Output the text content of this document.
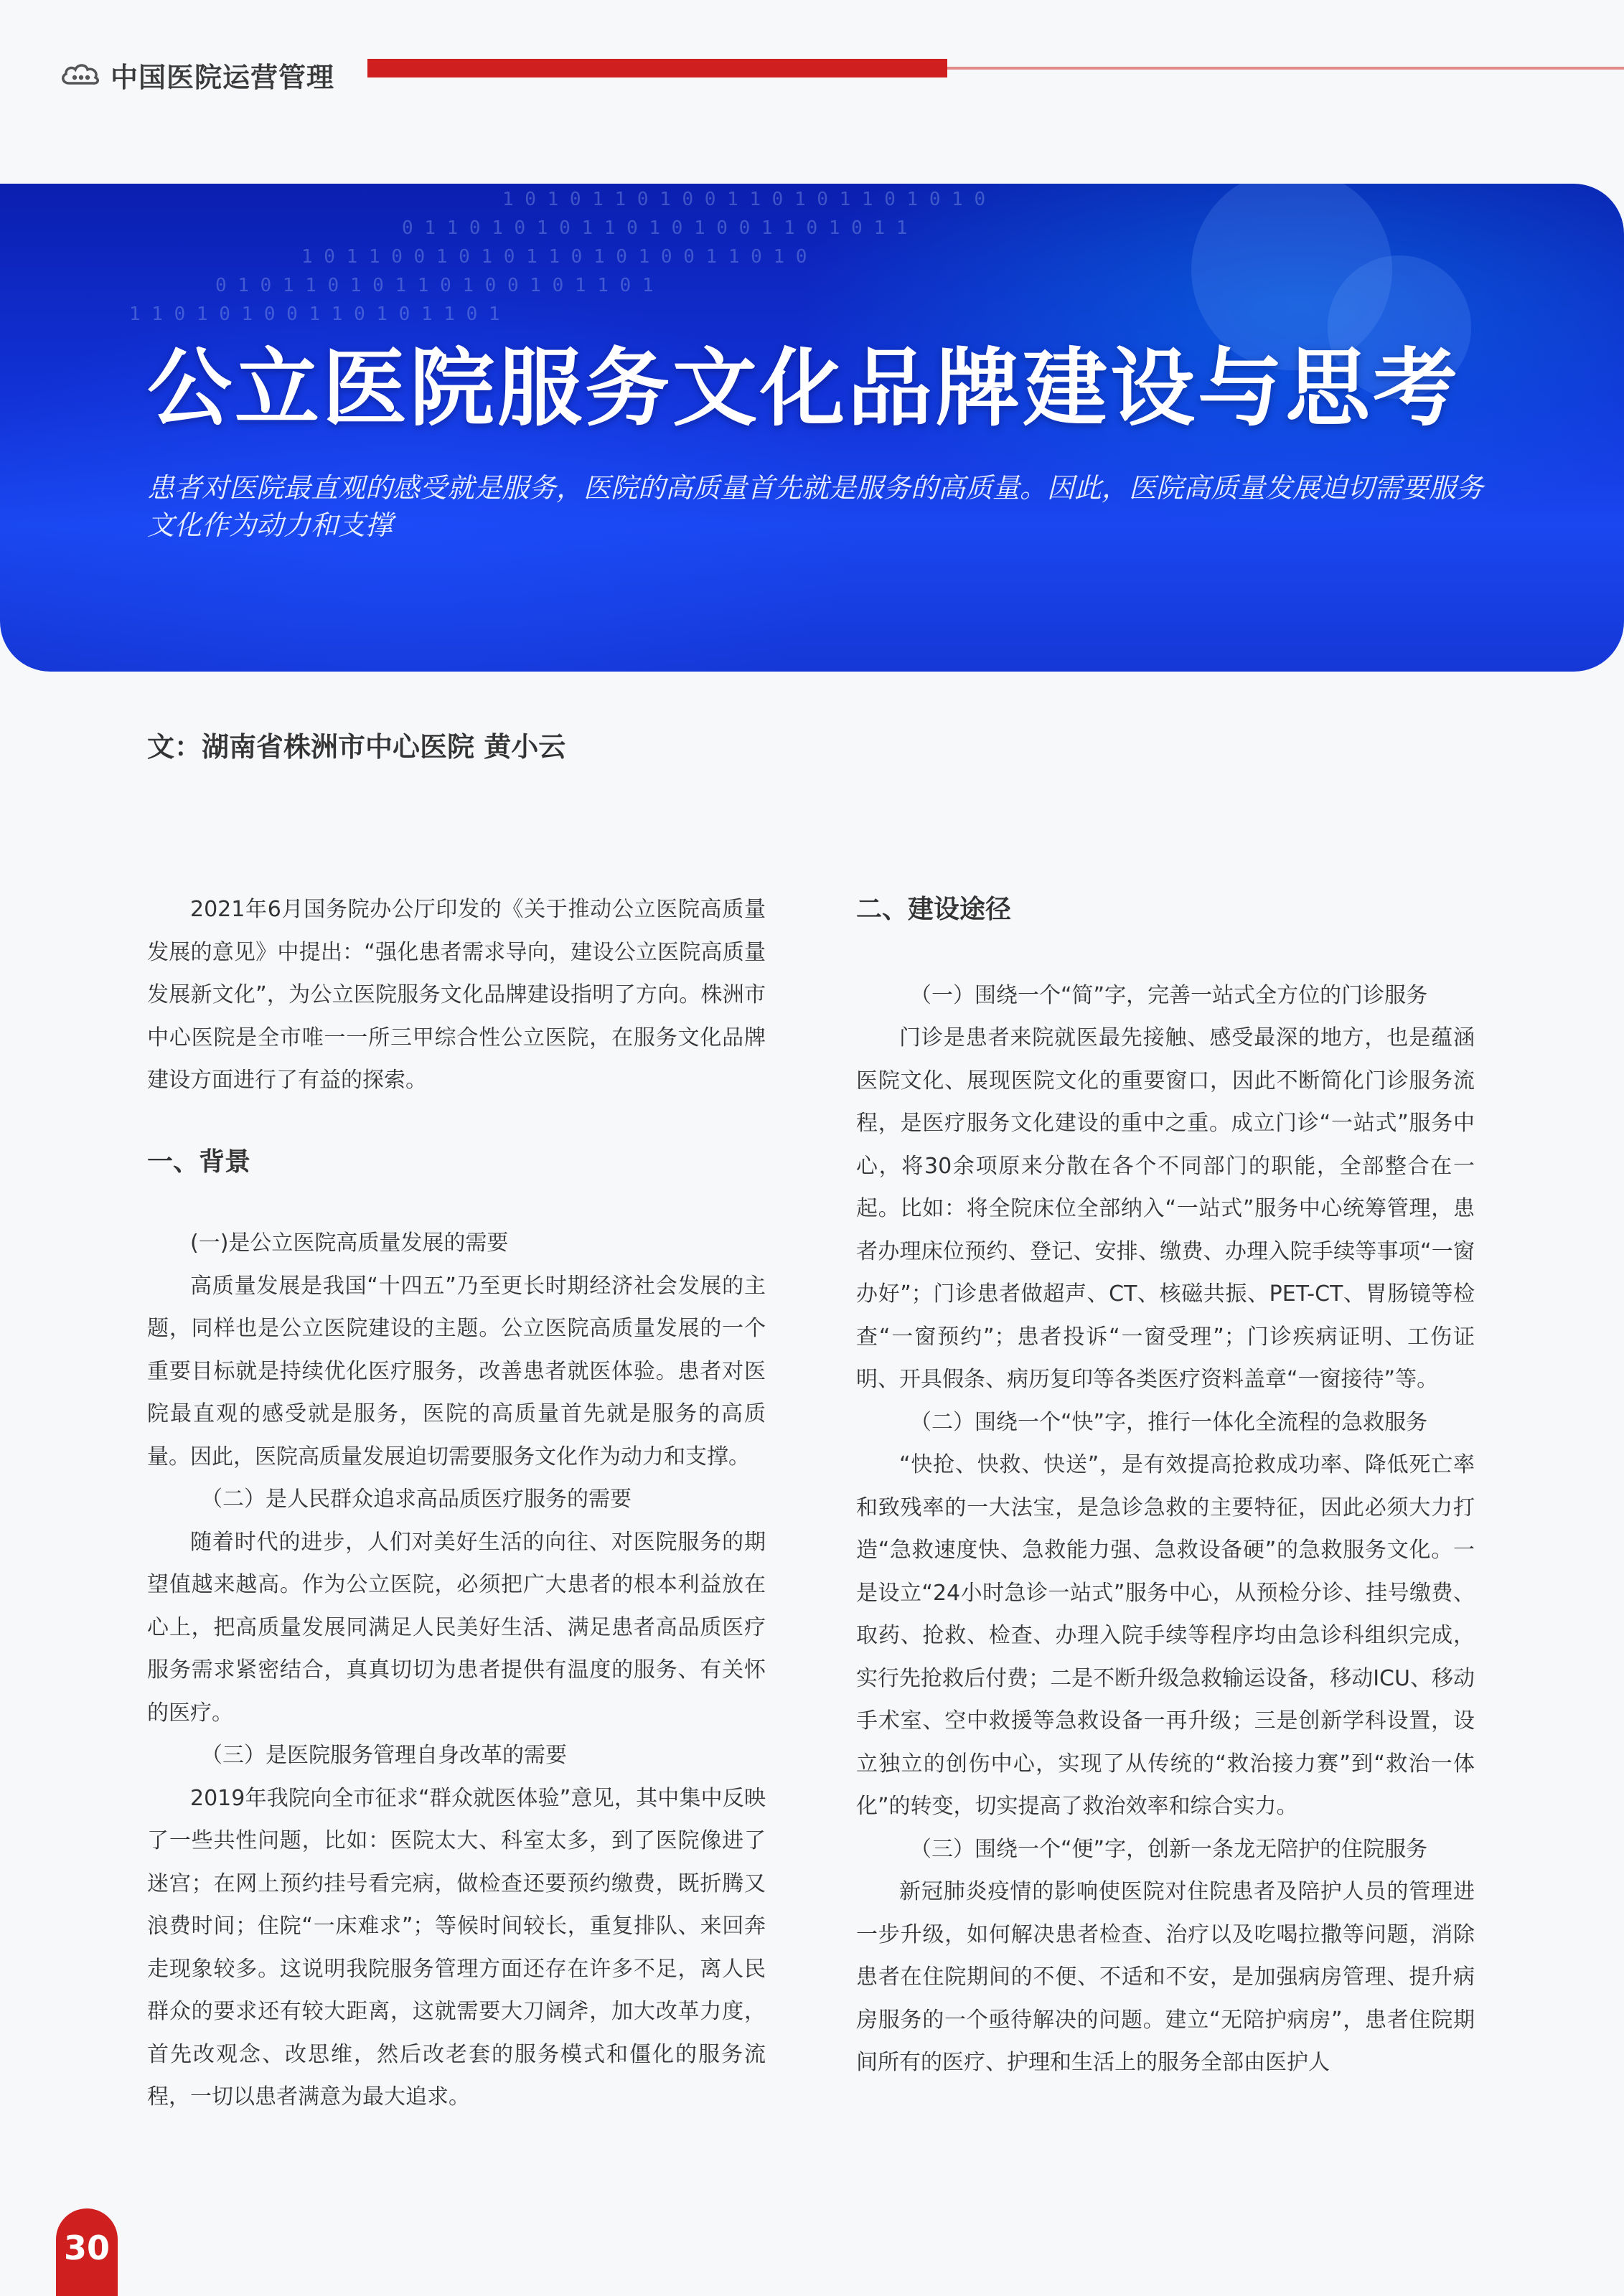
中国医院运营管理
1 0 1 0 1 1 0 1 0 0 1 1 0 1 0 1 1 0 1 0 1 0
0 1 1 0 1 0 1 0 1 1 0 1 0 1 0 0 1 1 0 1 0 1 1
1 0 1 1 0 0 1 0 1 0 1 1 0 1 0 1 0 0 1 1 0 1 0
0 1 0 1 1 0 1 0 1 1 0 1 0 0 1 0 1 1 0 1
1 1 0 1 0 1 0 0 1 1 0 1 0 1 1 0 1
公立医院服务文化品牌建设与思考
患者对医院最直观的感受就是服务，医院的高质量首先就是服务的高质量。因此，医院高质量发展迫切需要服务文化作为动力和支撑
文：湖南省株洲市中心医院 黄小云

2021年6月国务院办公厅印发的《关于推动公立医院高质量发展的意见》中提出：“强化患者需求导向，建设公立医院高质量发展新文化”，为公立医院服务文化品牌建设指明了方向。株洲市中心医院是全市唯一一所三甲综合性公立医院，在服务文化品牌建设方面进行了有益的探索。

一、背景
(一)是公立医院高质量发展的需要

高质量发展是我国“十四五”乃至更长时期经济社会发展的主题，同样也是公立医院建设的主题。公立医院高质量发展的一个重要目标就是持续优化医疗服务，改善患者就医体验。患者对医院最直观的感受就是服务，医院的高质量首先就是服务的高质量。因此，医院高质量发展迫切需要服务文化作为动力和支撑。

（二）是人民群众追求高品质医疗服务的需要

随着时代的进步，人们对美好生活的向往、对医院服务的期望值越来越高。作为公立医院，必须把广大患者的根本利益放在心上，把高质量发展同满足人民美好生活、满足患者高品质医疗服务需求紧密结合，真真切切为患者提供有温度的服务、有关怀的医疗。

（三）是医院服务管理自身改革的需要

2019年我院向全市征求“群众就医体验”意见，其中集中反映了一些共性问题，比如：医院太大、科室太多，到了医院像进了迷宫；在网上预约挂号看完病，做检查还要预约缴费，既折腾又浪费时间；住院“一床难求”；等候时间较长，重复排队、来回奔走现象较多。这说明我院服务管理方面还存在许多不足，离人民群众的要求还有较大距离，这就需要大刀阔斧，加大改革力度，首先改观念、改思维，然后改老套的服务模式和僵化的服务流程，一切以患者满意为最大追求。

二、建设途径
（一）围绕一个“简”字，完善一站式全方位的门诊服务

门诊是患者来院就医最先接触、感受最深的地方，也是蕴涵医院文化、展现医院文化的重要窗口，因此不断简化门诊服务流程，是医疗服务文化建设的重中之重。成立门诊“一站式”服务中心，将30余项原来分散在各个不同部门的职能，全部整合在一起。比如：将全院床位全部纳入“一站式”服务中心统筹管理，患者办理床位预约、登记、安排、缴费、办理入院手续等事项“一窗办好”；门诊患者做超声、CT、核磁共振、PET-CT、胃肠镜等检查“一窗预约”；患者投诉“一窗受理”；门诊疾病证明、工伤证明、开具假条、病历复印等各类医疗资料盖章“一窗接待”等。

（二）围绕一个“快”字，推行一体化全流程的急救服务

“快抢、快救、快送”，是有效提高抢救成功率、降低死亡率和致残率的一大法宝，是急诊急救的主要特征，因此必须大力打造“急救速度快、急救能力强、急救设备硬”的急救服务文化。一是设立“24小时急诊一站式”服务中心，从预检分诊、挂号缴费、取药、抢救、检查、办理入院手续等程序均由急诊科组织完成，实行先抢救后付费；二是不断升级急救输运设备，移动ICU、移动手术室、空中救援等急救设备一再升级；三是创新学科设置，设立独立的创伤中心，实现了从传统的“救治接力赛”到“救治一体化”的转变，切实提高了救治效率和综合实力。

（三）围绕一个“便”字，创新一条龙无陪护的住院服务

新冠肺炎疫情的影响使医院对住院患者及陪护人员的管理进一步升级，如何解决患者检查、治疗以及吃喝拉撒等问题，消除患者在住院期间的不便、不适和不安，是加强病房管理、提升病房服务的一个亟待解决的问题。建立“无陪护病房”，患者住院期间所有的医疗、护理和生活上的服务全部由医护人

30
